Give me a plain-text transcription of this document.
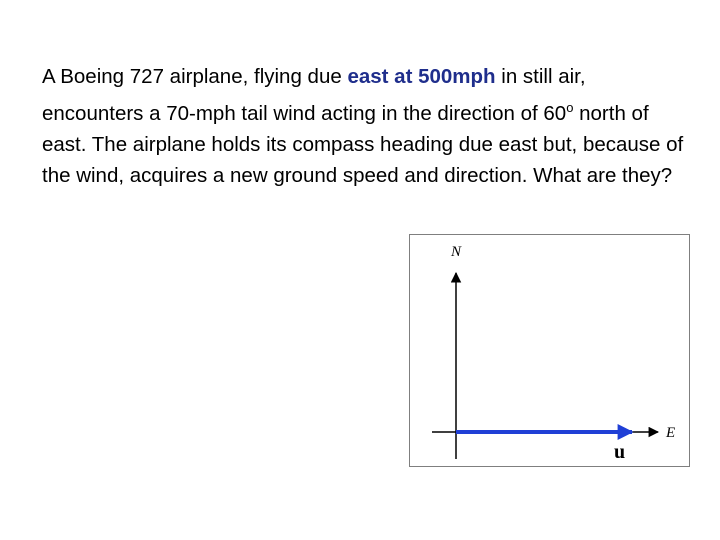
A Boeing 727 airplane, flying due east at 500mph in still air, encounters a 70-mph tail wind acting in the direction of 60$^o$ north of east. The airplane holds its compass heading due east but, because of the wind, acquires a new ground speed and direction. What are they?

N
E
u
